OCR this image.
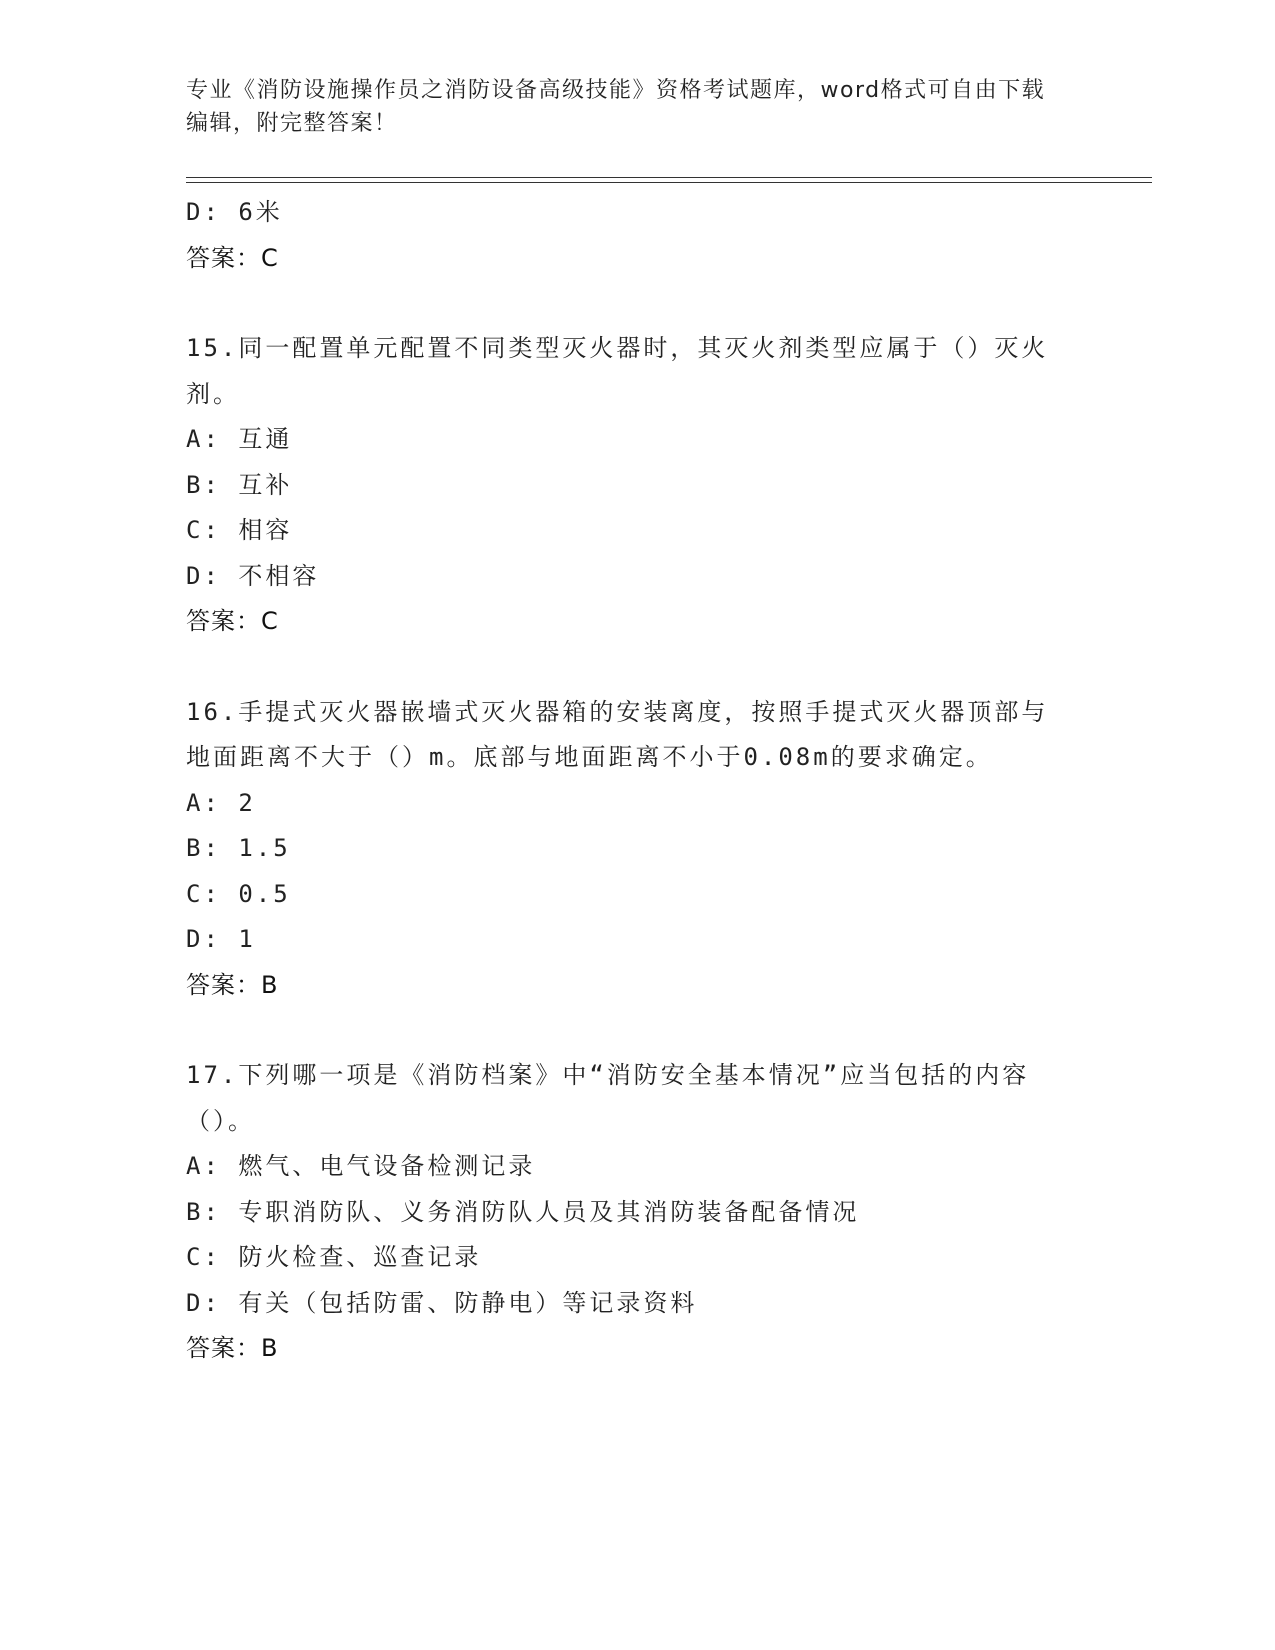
专业《消防设施操作员之消防设备高级技能》资格考试题库，word格式可自由下载编辑，附完整答案！
D: 6米
答案：C
15.同一配置单元配置不同类型灭火器时，其灭火剂类型应属于（）灭火剂。
A: 互通
B: 互补
C: 相容
D: 不相容
答案：C
16.手提式灭火器嵌墙式灭火器箱的安装离度，按照手提式灭火器顶部与地面距离不大于（）m。底部与地面距离不小于0.08m的要求确定。
A: 2
B: 1.5
C: 0.5
D: 1
答案：B
17.下列哪一项是《消防档案》中“消防安全基本情况”应当包括的内容（）。
A: 燃气、电气设备检测记录
B: 专职消防队、义务消防队人员及其消防装备配备情况
C: 防火检查、巡查记录
D: 有关（包括防雷、防静电）等记录资料
答案：B
